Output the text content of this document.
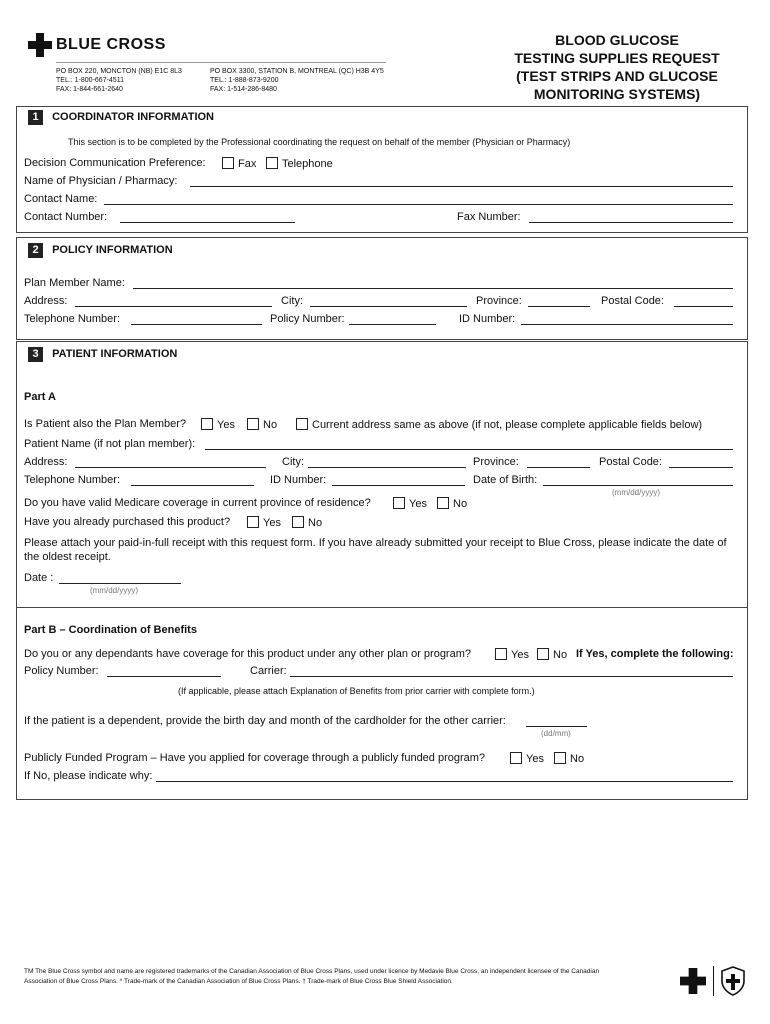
BLUE CROSS
PO BOX 220, MONCTON (NB) E1C 8L3
TEL.: 1-800-667-4511
FAX: 1-844-661-2640
PO BOX 3300, STATION B, MONTREAL (QC) H3B 4Y5
TEL.: 1-888-873-9200
FAX: 1-514-286-8480
BLOOD GLUCOSE
TESTING SUPPLIES REQUEST
(TEST STRIPS AND GLUCOSE
MONITORING SYSTEMS)
1 COORDINATOR INFORMATION
This section is to be completed by the Professional coordinating the request on behalf of the member (Physician or Pharmacy)
Decision Communication Preference:	Fax	Telephone
Name of Physician / Pharmacy:
Contact Name:
Contact Number:	Fax Number:
2 POLICY INFORMATION
Plan Member Name:
Address:	City:	Province:	Postal Code:
Telephone Number:	Policy Number:	ID Number:
3 PATIENT INFORMATION
Part A
Is Patient also the Plan Member?	Yes	No	Current address same as above (if not, please complete applicable fields below)
Patient Name (if not plan member):
Address:	City:	Province:	Postal Code:
Telephone Number:	ID Number:	Date of Birth:
(mm/dd/yyyy)
Do you have valid Medicare coverage in current province of residence?	Yes	No
Have you already purchased this product?	Yes	No
Please attach your paid-in-full receipt with this request form. If you have already submitted your receipt to Blue Cross, please indicate the date of the oldest receipt.
Date :
(mm/dd/yyyy)
Part B – Coordination of Benefits
Do you or any dependants have coverage for this product under any other plan or program?	Yes	No If Yes, complete the following:
Policy Number:	Carrier:
(If applicable, please attach Explanation of Benefits from prior carrier with complete form.)
If the patient is a dependent, provide the birth day and month of the cardholder for the other carrier:
(dd/mm)
Publicly Funded Program – Have you applied for coverage through a publicly funded program?	Yes	No
If No, please indicate why:
TM The Blue Cross symbol and name are registered trademarks of the Canadian Association of Blue Cross Plans, used under licence by Medavie Blue Cross, an independent licensee of the Canadian
Association of Blue Cross Plans. * Trade-mark of the Canadian Association of Blue Cross Plans. † Trade-mark of Blue Cross Blue Shield Association.
